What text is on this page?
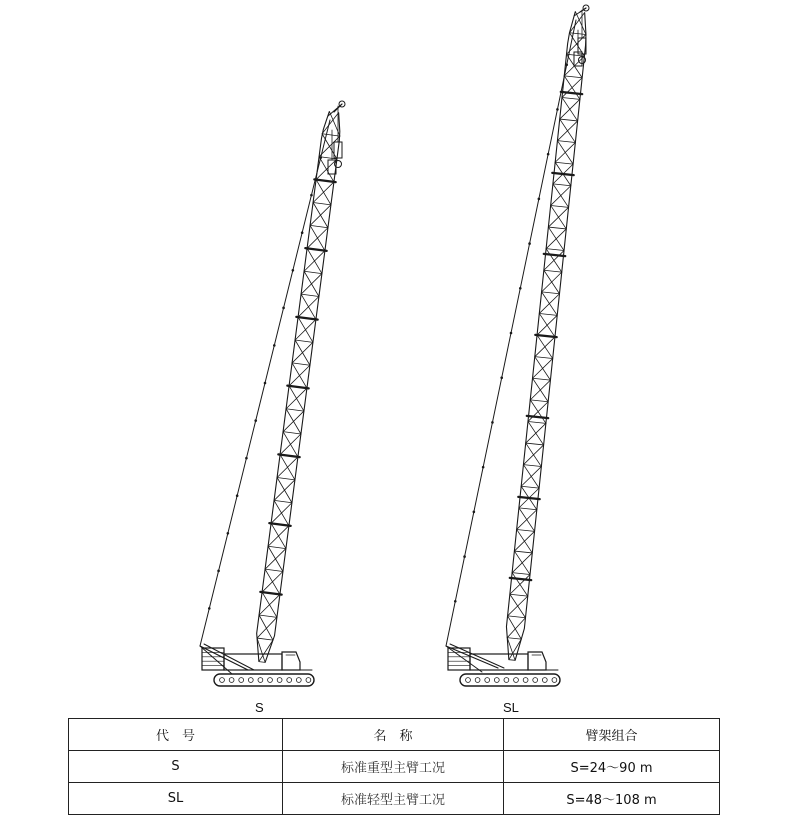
S	SL
代　号	名　称	臂架组合
S	标准重型主臂工况	S=24～90 m
SL	标准轻型主臂工况	S=48～108 m
